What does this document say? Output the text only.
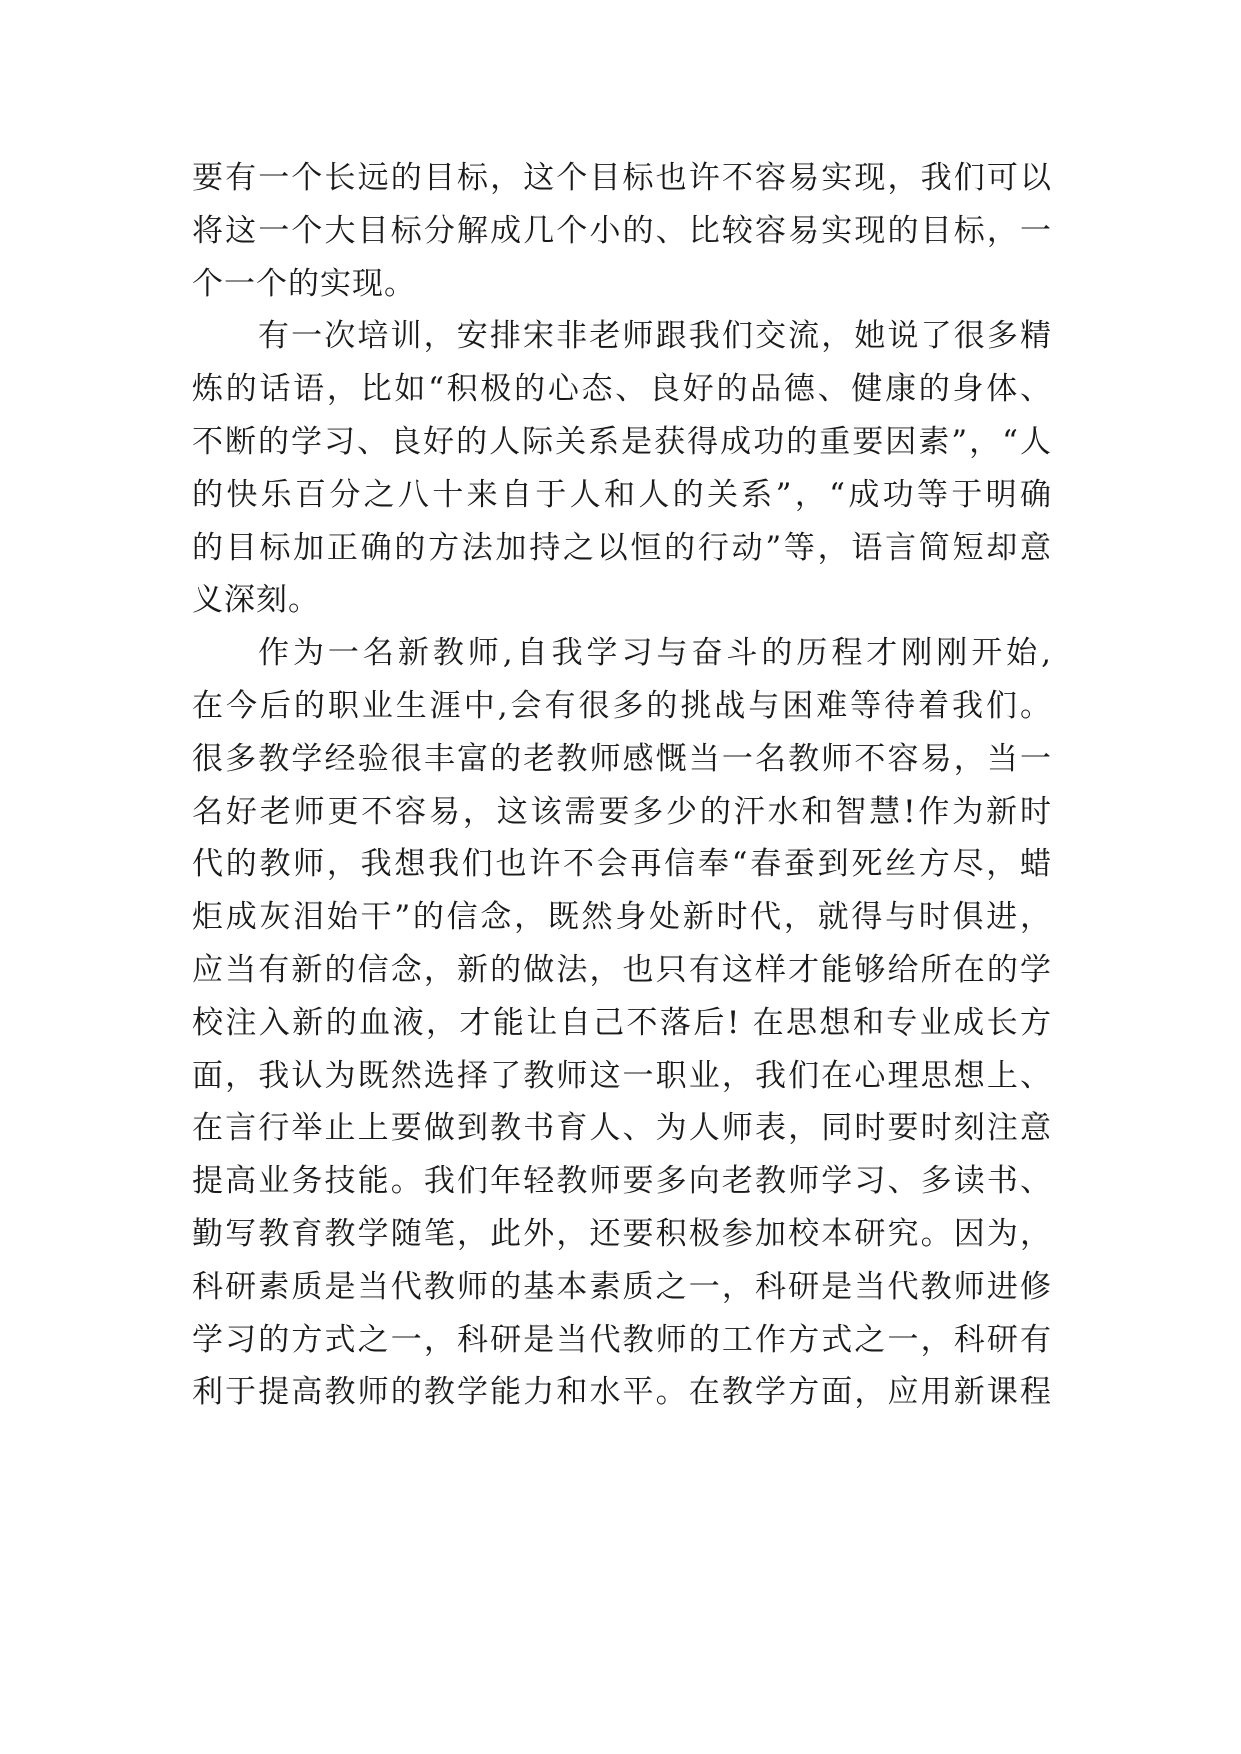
要有一个长远的目标，这个目标也许不容易实现，我们可以
将这一个大目标分解成几个小的、比较容易实现的目标，一
个一个的实现。
有一次培训，安排宋非老师跟我们交流，她说了很多精
炼的话语，比如“积极的心态、良好的品德、健康的身体、
不断的学习、良好的人际关系是获得成功的重要因素”，“人
的快乐百分之八十来自于人和人的关系”，“成功等于明确
的目标加正确的方法加持之以恒的行动”等，语言简短却意
义深刻。
作为一名新教师,自我学习与奋斗的历程才刚刚开始,
在今后的职业生涯中,会有很多的挑战与困难等待着我们。
很多教学经验很丰富的老教师感慨当一名教师不容易，当一
名好老师更不容易，这该需要多少的汗水和智慧!作为新时
代的教师，我想我们也许不会再信奉“春蚕到死丝方尽，蜡
炬成灰泪始干”的信念，既然身处新时代，就得与时俱进，
应当有新的信念，新的做法，也只有这样才能够给所在的学
校注入新的血液，才能让自己不落后! 在思想和专业成长方
面，我认为既然选择了教师这一职业，我们在心理思想上、
在言行举止上要做到教书育人、为人师表，同时要时刻注意
提高业务技能。我们年轻教师要多向老教师学习、多读书、
勤写教育教学随笔，此外，还要积极参加校本研究。因为，
科研素质是当代教师的基本素质之一，科研是当代教师进修
学习的方式之一，科研是当代教师的工作方式之一，科研有
利于提高教师的教学能力和水平。在教学方面，应用新课程
